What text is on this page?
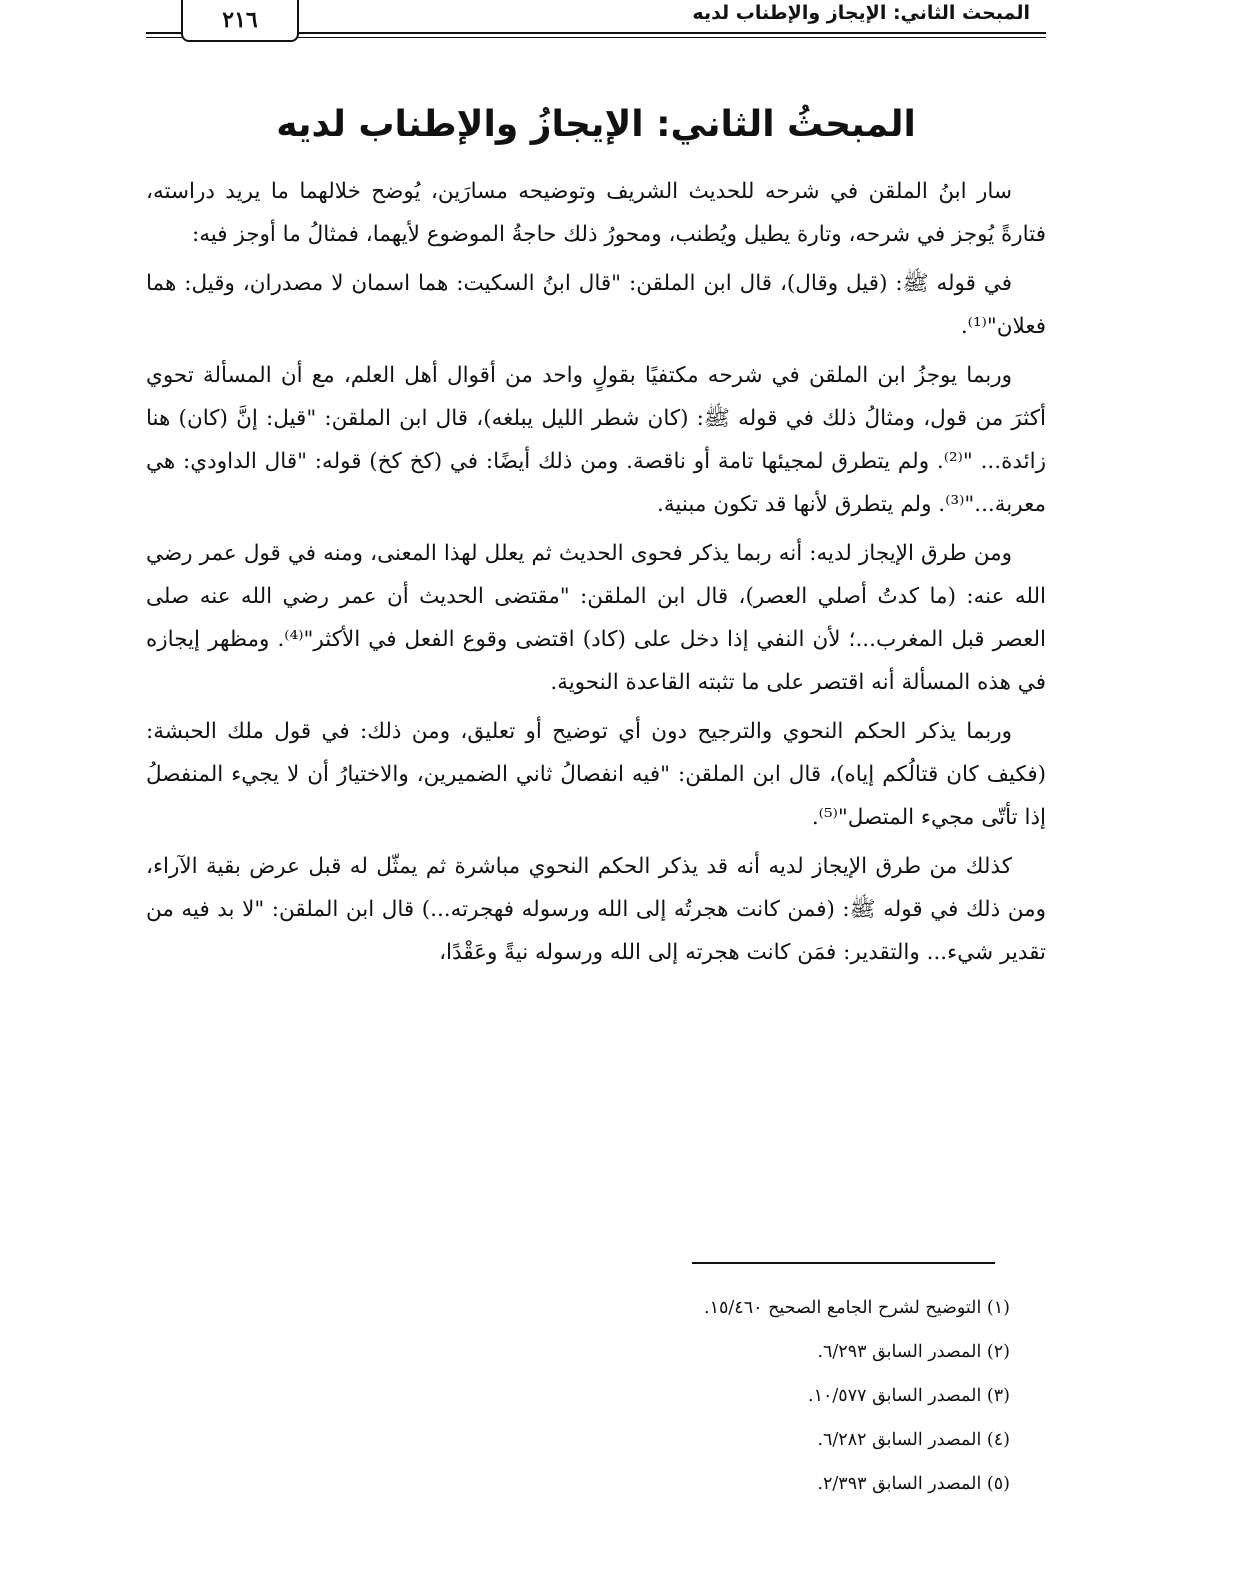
المبحث الثاني: الإيجاز والإطناب لديه
٢١٦
المبحثُ الثاني: الإيجازُ والإطناب لديه

سار ابنُ الملقن في شرحه للحديث الشريف وتوضيحه مسارَين، يُوضح خلالهما ما يريد دراسته، فتارةً يُوجز في شرحه، وتارة يطيل ويُطنب، ومحورُ ذلك حاجةُ الموضوع لأيهما، فمثالُ ما أوجز فيه:

في قوله ﷺ: (قيل وقال)، قال ابن الملقن: "قال ابنُ السكيت: هما اسمان لا مصدران، وقيل: هما فعلان"⁽¹⁾.

وربما يوجزُ ابن الملقن في شرحه مكتفيًا بقولٍ واحد من أقوال أهل العلم، مع أن المسألة تحوي أكثرَ من قول، ومثالُ ذلك في قوله ﷺ: (كان شطر الليل يبلغه)، قال ابن الملقن: "قيل: إنَّ (كان) هنا زائدة... "⁽²⁾. ولم يتطرق لمجيئها تامة أو ناقصة. ومن ذلك أيضًا: في (كخ كخ) قوله: "قال الداودي: هي معربة..."⁽³⁾. ولم يتطرق لأنها قد تكون مبنية.

ومن طرق الإيجاز لديه: أنه ربما يذكر فحوى الحديث ثم يعلل لهذا المعنى، ومنه في قول عمر رضي الله عنه: (ما كدتُ أصلي العصر)، قال ابن الملقن: "مقتضى الحديث أن عمر رضي الله عنه صلى العصر قبل المغرب...؛ لأن النفي إذا دخل على (كاد) اقتضى وقوع الفعل في الأكثر"⁽⁴⁾. ومظهر إيجازه في هذه المسألة أنه اقتصر على ما تثبته القاعدة النحوية.

وربما يذكر الحكم النحوي والترجيح دون أي توضيح أو تعليق، ومن ذلك: في قول ملك الحبشة: (فكيف كان قتالُكم إياه)، قال ابن الملقن: "فيه انفصالُ ثاني الضميرين، والاختيارُ أن لا يجيء المنفصلُ إذا تأتّى مجيء المتصل"⁽⁵⁾.

كذلك من طرق الإيجاز لديه أنه قد يذكر الحكم النحوي مباشرة ثم يمثّل له قبل عرض بقية الآراء، ومن ذلك في قوله ﷺ: (فمن كانت هجرتُه إلى الله ورسوله فهجرته...) قال ابن الملقن: "لا بد فيه من تقدير شيء... والتقدير: فمَن كانت هجرته إلى الله ورسوله نيةً وعَقْدًا،

(١) التوضيح لشرح الجامع الصحيح ١٥/٤٦٠.
(٢) المصدر السابق ٦/٢٩٣.
(٣) المصدر السابق ١٠/٥٧٧.
(٤) المصدر السابق ٦/٢٨٢.
(٥) المصدر السابق ٢/٣٩٣.
